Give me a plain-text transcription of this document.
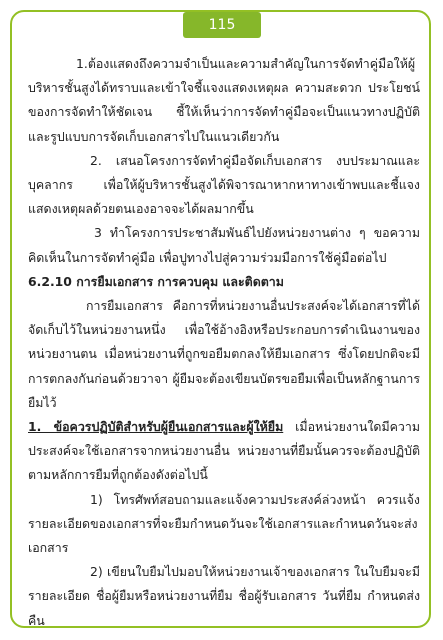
115

1.ต้องแสดงถึงความจำเป็นและความสำคัญในการจัดทำคู่มือให้ผู้บริหารชั้นสูงได้ทราบและเข้าใจชี้แจงแสดงเหตุผล ความสะดวก ประโยชน์ของการจัดทำให้ชัดเจน ชี้ให้เห็นว่าการจัดทำคู่มือจะเป็นแนวทางปฏิบัติและรูปแบบการจัดเก็บเอกสารไปในแนวเดียวกัน

2. เสนอโครงการจัดทำคู่มือจัดเก็บเอกสาร งบประมาณและบุคลากร เพื่อให้ผู้บริหารชั้นสูงได้พิจารณาหากหาทางเข้าพบและชี้แจงแสดงเหตุผลด้วยตนเองอาจจะได้ผลมากขึ้น

3 ทำโครงการประชาสัมพันธ์ไปยังหน่วยงานต่าง ๆ ขอความคิดเห็นในการจัดทำคู่มือ เพื่อปูทางไปสู่ความร่วมมือการใช้คู่มือต่อไป

6.2.10 การยืมเอกสาร การควบคุม และติดตาม

การยืมเอกสาร คือการที่หน่วยงานอื่นประสงค์จะได้เอกสารที่ได้จัดเก็บไว้ในหน่วยงานหนึ่ง เพื่อใช้อ้างอิงหรือประกอบการดำเนินงานของหน่วยงานตน เมื่อหน่วยงานที่ถูกขอยืมตกลงให้ยืมเอกสาร ซึ่งโดยปกติจะมีการตกลงกันก่อนด้วยวาจา ผู้ยืมจะต้องเขียนบัตรขอยืมเพื่อเป็นหลักฐานการยืมไว้

1. ข้อควรปฏิบัติสำหรับผู้ยืนเอกสารและผู้ให้ยืม เมื่อหน่วยงานใดมีความประสงค์จะใช้เอกสารจากหน่วยงานอื่น หน่วยงานที่ยืมนั้นควรจะต้องปฏิบัติตามหลักการยืมที่ถูกต้องดังต่อไปนี้

1) โทรศัพท์สอบถามและแจ้งความประสงค์ล่วงหน้า ควรแจ้งรายละเอียดของเอกสารที่จะยืมกำหนดวันจะใช้เอกสารและกำหนดวันจะส่งเอกสาร

2) เขียนใบยืมไปมอบให้หน่วยงานเจ้าของเอกสาร ในใบยืมจะมีรายละเอียด ชื่อผู้ยืมหรือหน่วยงานที่ยืม ชื่อผู้รับเอกสาร วันที่ยืม กำหนดส่งคืน
